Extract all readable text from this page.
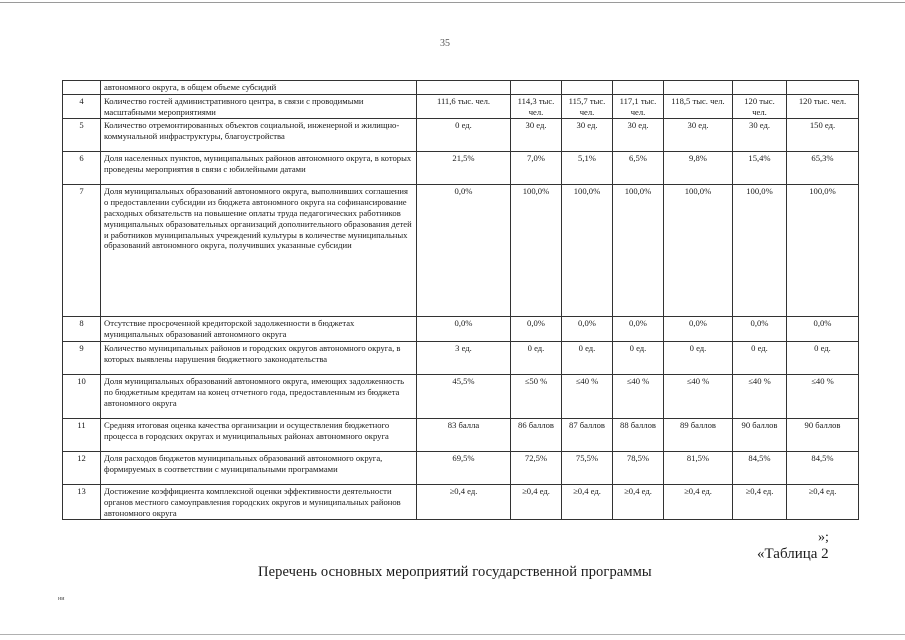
35
	автономного округа, в общем объеме субсидий							
4	Количество гостей административного центра, в связи с проводимыми масштабными мероприятиями	111,6 тыс. чел.	114,3 тыс. чел.	115,7 тыс. чел.	117,1 тыс. чел.	118,5 тыс. чел.	120 тыс. чел.	120 тыс. чел.
5	Количество отремонтированных объектов социальной, инженерной и жилищно-коммунальной инфраструктуры, благоустройства	0 ед.	30 ед.	30 ед.	30 ед.	30 ед.	30 ед.	150 ед.
6	Доля населенных пунктов, муниципальных районов автономного округа, в которых проведены мероприятия в связи с юбилейными датами	21,5%	7,0%	5,1%	6,5%	9,8%	15,4%	65,3%
7	Доля муниципальных образований автономного округа, выполнивших соглашения о предоставлении субсидии из бюджета автономного округа на софинансирование расходных обязательств на повышение оплаты труда педагогических работников муниципальных образовательных организаций дополнительного образования детей и работников муниципальных учреждений культуры в количестве муниципальных образований автономного округа, получивших указанные субсидии	0,0%	100,0%	100,0%	100,0%	100,0%	100,0%	100,0%
8	Отсутствие просроченной кредиторской задолженности в бюджетах муниципальных образований автономного округа	0,0%	0,0%	0,0%	0,0%	0,0%	0,0%	0,0%
9	Количество муниципальных районов и городских округов автономного округа, в которых выявлены нарушения бюджетного законодательства	3 ед.	0 ед.	0 ед.	0 ед.	0 ед.	0 ед.	0 ед.
10	Доля муниципальных образований автономного округа, имеющих задолженность по бюджетным кредитам на конец отчетного года, предоставленным из бюджета автономного округа	45,5%	≤50 %	≤40 %	≤40 %	≤40 %	≤40 %	≤40 %
11	Средняя итоговая оценка качества организации и осуществления бюджетного процесса в городских округах и муниципальных районах автономного округа	83 балла	86 баллов	87 баллов	88 баллов	89 баллов	90 баллов	90 баллов
12	Доля расходов бюджетов муниципальных образований автономного округа, формируемых в соответствии с муниципальными программами	69,5%	72,5%	75,5%	78,5%	81,5%	84,5%	84,5%
13	Достижение коэффициента комплексной оценки эффективности деятельности органов местного самоуправления городских округов и муниципальных районов автономного округа	≥0,4 ед.	≥0,4 ед.	≥0,4 ед.	≥0,4 ед.	≥0,4 ед.	≥0,4 ед.	≥0,4 ед.
»;
«Таблица 2
Перечень основных мероприятий государственной программы
ни
